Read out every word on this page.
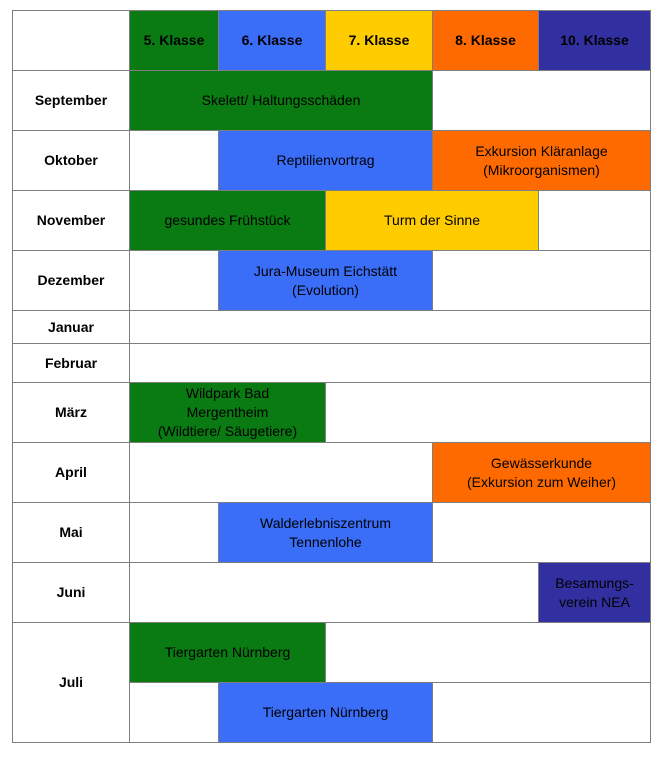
	5. Klasse	6. Klasse	7. Klasse	8. Klasse	10. Klasse
September	Skelett/ Haltungsschäden				
Oktober		Reptilienvortrag		Exkursion Kläranlage
(Mikroorganismen)	
November	gesundes Frühstück		Turm der Sinne		
Dezember		Jura-Museum Eichstätt
(Evolution)			
Januar					
Februar					
März	Wildpark Bad
Mergentheim
(Wildtiere/ Säugetiere)				
April				Gewässerkunde
(Exkursion zum Weiher)	
Mai		Walderlebniszentrum
Tennenlohe			
Juni					Besamungs-
verein NEA
Juli	Tiergarten Nürnberg				
		Tiergarten Nürnberg			
